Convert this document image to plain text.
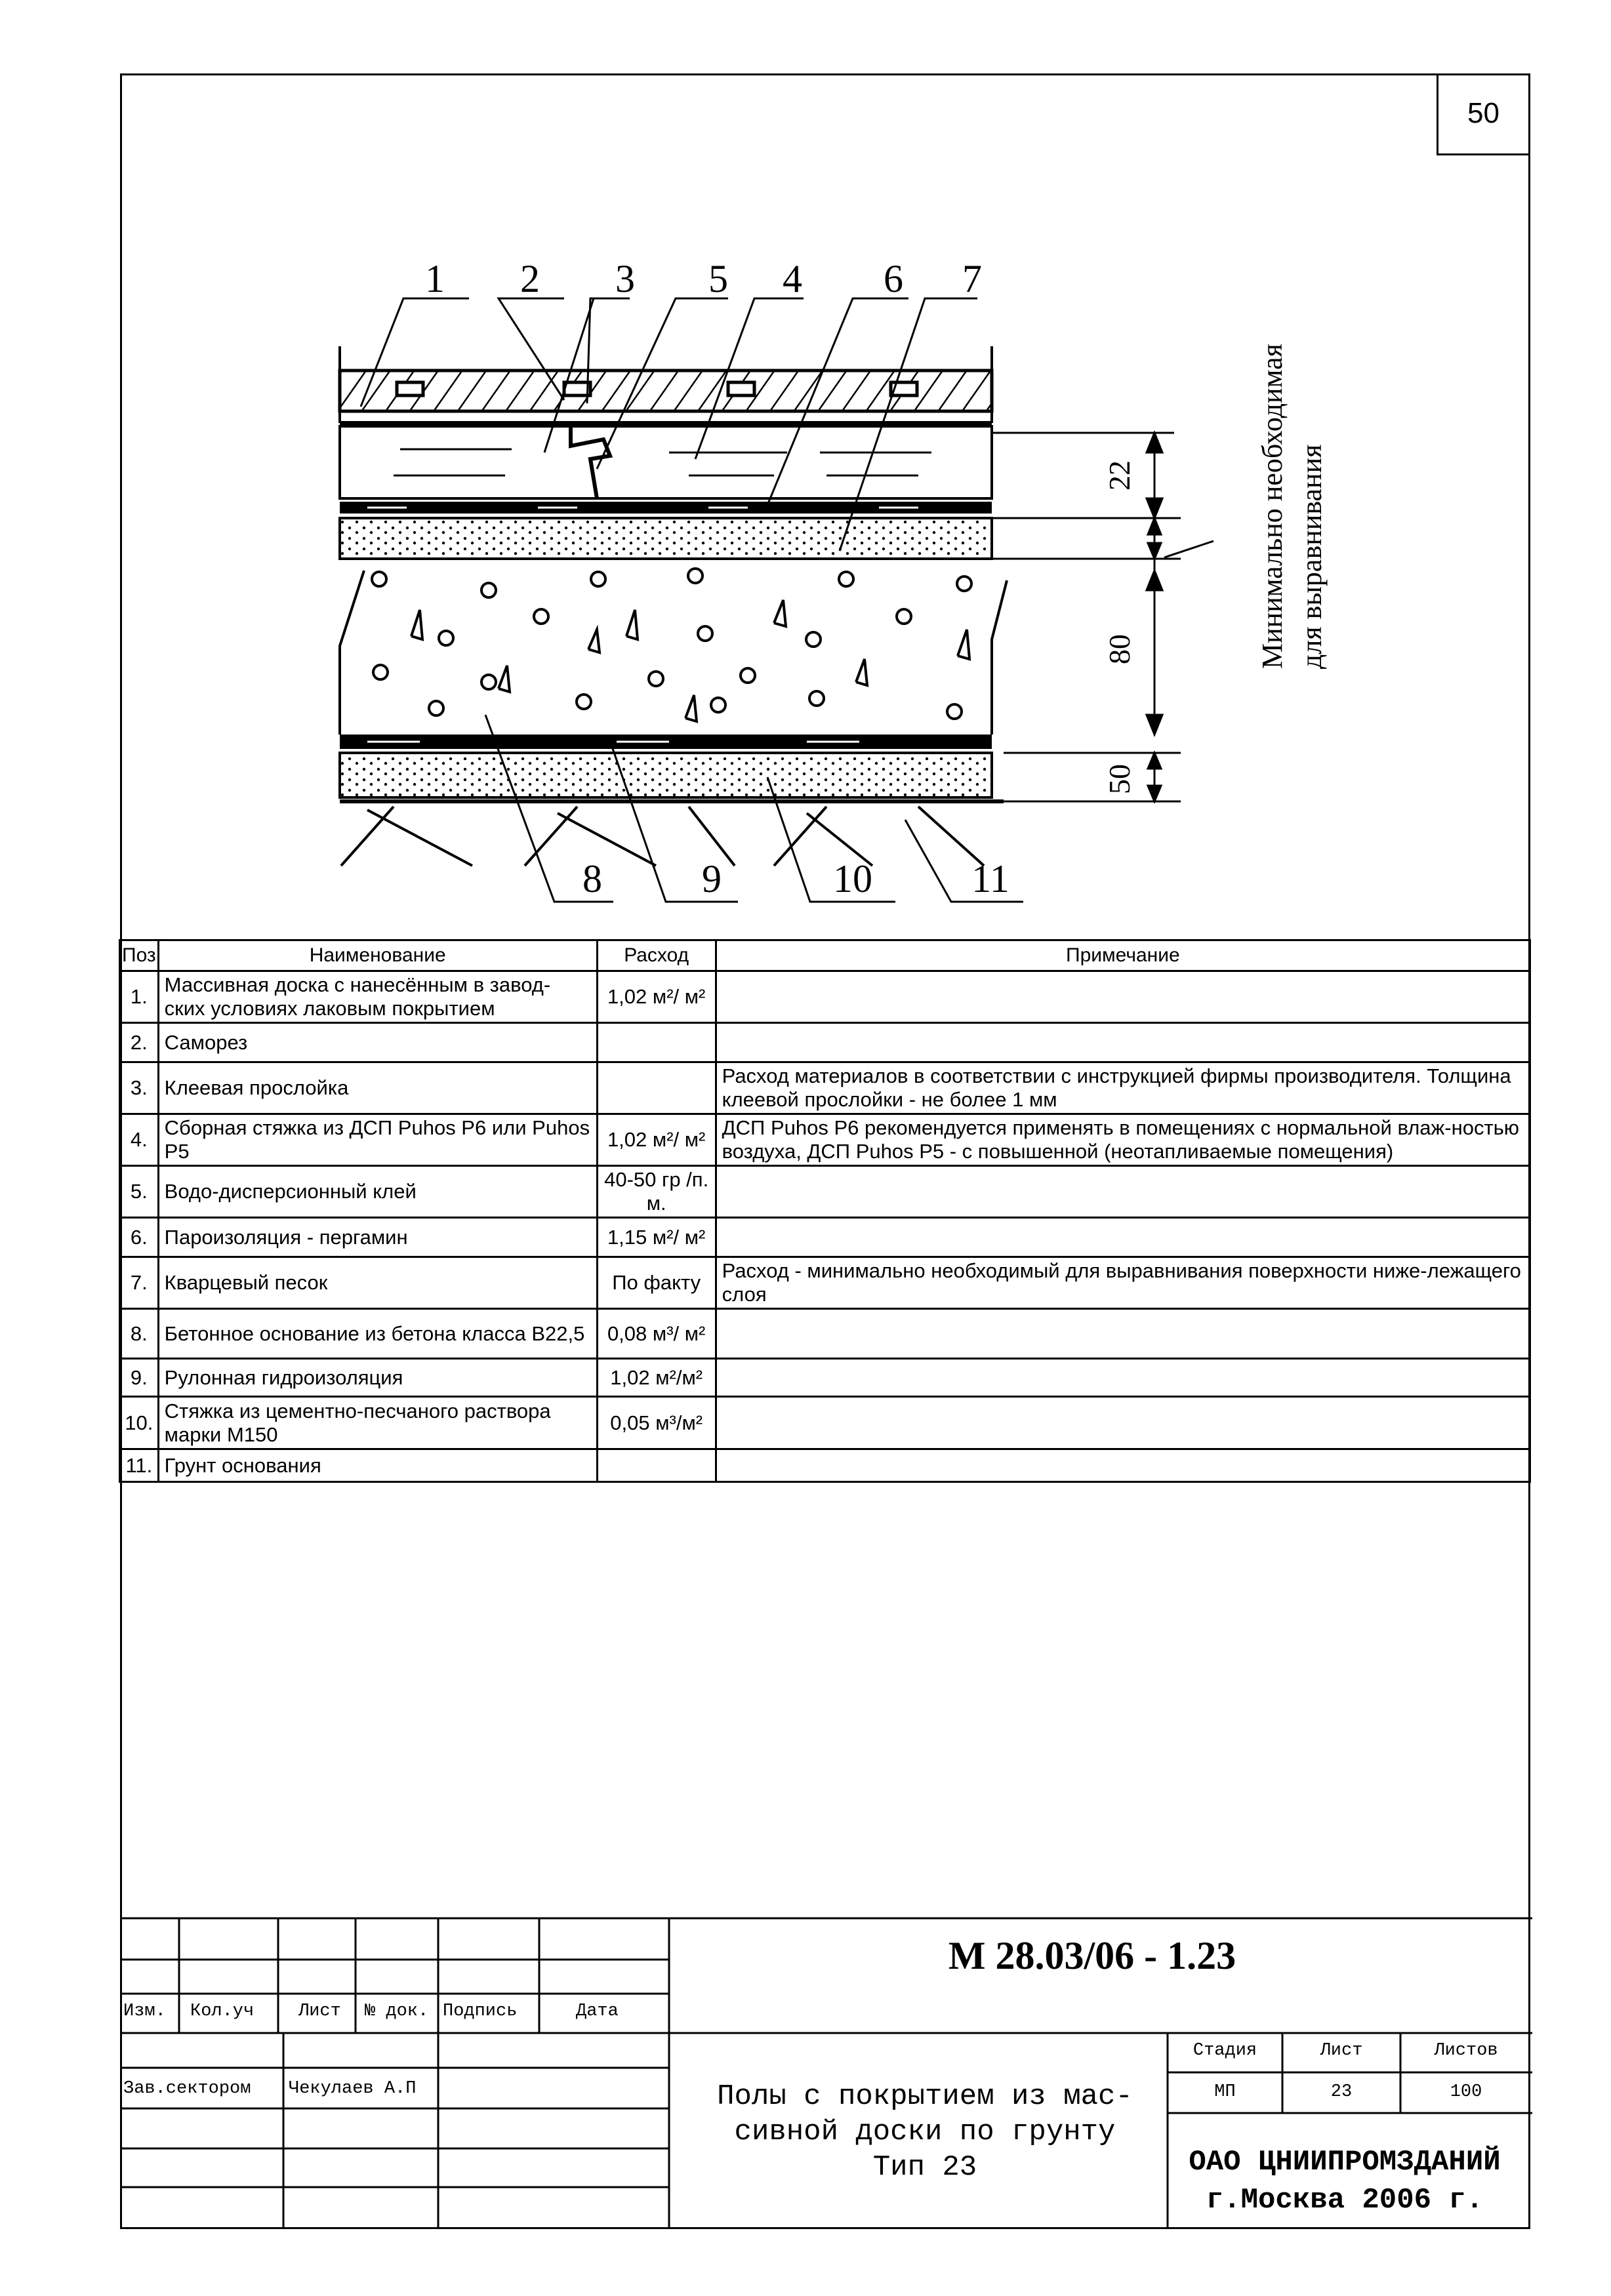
50
22
80
50
1 2 3 5 4 6 7
8	9	10	11
Минимально необходимая для выравнивания
Поз	Наименование	Расход	Примечание
1.	Массивная доска с нанесённым в завод-ских условиях лаковым покрытием	1,02 м²/ м²	
2.	Саморез		
3.	Клеевая прослойка		Расход материалов в соответствии с инструкцией фирмы производителя. Толщина клеевой прослойки - не более 1 мм
4.	Сборная стяжка из ДСП Puhos P6 или Puhos P5	1,02 м²/ м²	ДСП Puhos P6 рекомендуется применять в помещениях с нормальной влаж-ностью воздуха, ДСП Puhos P5 - с повышенной (неотапливаемые помещения)
5.	Водо-дисперсионный клей	40-50 гр /п. м.	
6.	Пароизоляция - пергамин	1,15 м²/ м²	
7.	Кварцевый песок	По факту	Расход - минимально необходимый для выравнивания поверхности ниже-лежащего слоя
8.	Бетонное основание из бетона класса В22,5	0,08 м³/ м²	
9.	Рулонная гидроизоляция	1,02 м²/м²	
10.	Стяжка из цементно-песчаного раствора марки М150	0,05 м³/м²	
11.	Грунт основания		
М 28.03/06 - 1.23
Изм. Кол.уч	Лист № док. Подпись	Дата
Зав.сектором Чекулаев А.П
Стадия	Лист	Листов
МП	23	100
Полы с покрытием из мас-
сивной доски по грунту
Тип 23	ОАО ЦНИИПРОМЗДАНИЙ
г.Москва 2006 г.
